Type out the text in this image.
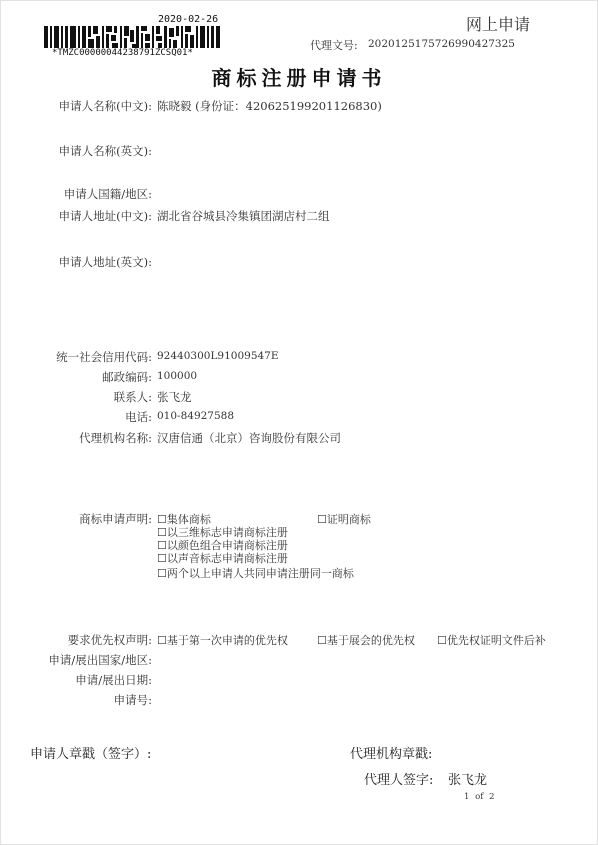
2020-02-26
*TMZC00000044238791ZCSQ01*
网上申请
代理文号: 20201251757269904273​25
商标注册申请书
申请人名称(中文): 陈晓毅 (身份证：420625199201126830)
申请人名称(英文):
申请人国籍/地区:
申请人地址(中文): 湖北省谷城县冷集镇团湖店村二组
申请人地址(英文):
统一社会信用代码: 92440300L91009547E
邮政编码: 100000
联系人: 张飞龙
电话: 010-84927588
代理机构名称: 汉唐信通（北京）咨询股份有限公司
商标申请声明: ☐集体商标	☐证明商标
☐以三维标志申请商标注册
☐以颜色组合申请商标注册
☐以声音标志申请商标注册
☐两个以上申请人共同申请注册同一商标
要求优先权声明: ☐基于第一次申请的优先权	☐基于展会的优先权 ☐优先权证明文件后补
申请/展出国家/地区:
申请/展出日期:
申请号:
申请人章戳（签字）:	代理机构章戳:
代理人签字: 张飞龙
1 of 2
